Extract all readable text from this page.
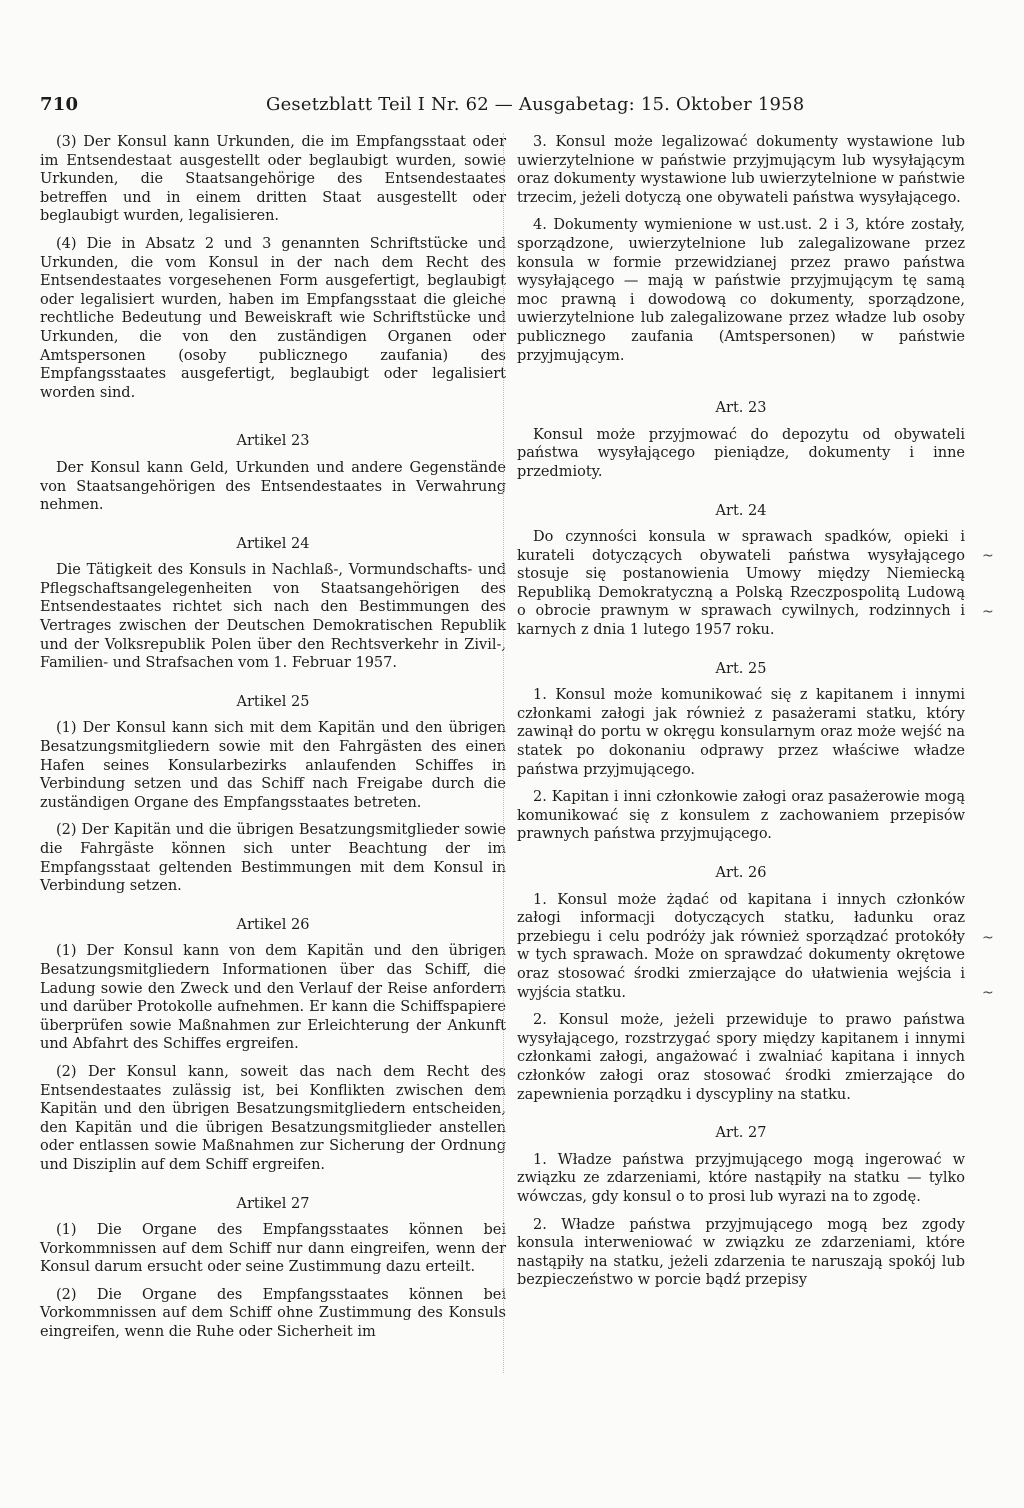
710	Gesetzblatt Teil I Nr. 62 — Ausgabetag: 15. Oktober 1958

(3) Der Konsul kann Urkunden, die im Empfangsstaat oder im Entsendestaat ausgestellt oder beglaubigt wurden, sowie Urkunden, die Staatsangehörige des Entsendestaates betreffen und in einem dritten Staat ausgestellt oder beglaubigt wurden, legalisieren.

(4) Die in Absatz 2 und 3 genannten Schriftstücke und Urkunden, die vom Konsul in der nach dem Recht des Entsendestaates vorgesehenen Form ausgefertigt, beglaubigt oder legalisiert wurden, haben im Empfangsstaat die gleiche rechtliche Bedeutung und Beweiskraft wie Schriftstücke und Urkunden, die von den zuständigen Organen oder Amtspersonen (osoby publicznego zaufania) des Empfangsstaates ausgefertigt, beglaubigt oder legalisiert worden sind.

Artikel 23

Der Konsul kann Geld, Urkunden und andere Gegenstände von Staatsangehörigen des Entsendestaates in Verwahrung nehmen.

Artikel 24

Die Tätigkeit des Konsuls in Nachlaß-, Vormundschafts- und Pflegschaftsangelegenheiten von Staatsangehörigen des Entsendestaates richtet sich nach den Bestimmungen des Vertrages zwischen der Deutschen Demokratischen Republik und der Volksrepublik Polen über den Rechtsverkehr in Zivil-, Familien- und Strafsachen vom 1. Februar 1957.

Artikel 25

(1) Der Konsul kann sich mit dem Kapitän und den übrigen Besatzungsmitgliedern sowie mit den Fahrgästen des einen Hafen seines Konsularbezirks anlaufenden Schiffes in Verbindung setzen und das Schiff nach Freigabe durch die zuständigen Organe des Empfangsstaates betreten.

(2) Der Kapitän und die übrigen Besatzungsmitglieder sowie die Fahrgäste können sich unter Beachtung der im Empfangsstaat geltenden Bestimmungen mit dem Konsul in Verbindung setzen.

Artikel 26

(1) Der Konsul kann von dem Kapitän und den übrigen Besatzungsmitgliedern Informationen über das Schiff, die Ladung sowie den Zweck und den Verlauf der Reise anfordern und darüber Protokolle aufnehmen. Er kann die Schiffspapiere überprüfen sowie Maßnahmen zur Erleichterung der Ankunft und Abfahrt des Schiffes ergreifen.

(2) Der Konsul kann, soweit das nach dem Recht des Entsendestaates zulässig ist, bei Konflikten zwischen dem Kapitän und den übrigen Besatzungsmitgliedern entscheiden, den Kapitän und die übrigen Besatzungsmitglieder anstellen oder entlassen sowie Maßnahmen zur Sicherung der Ordnung und Disziplin auf dem Schiff ergreifen.

Artikel 27

(1) Die Organe des Empfangsstaates können bei Vorkommnissen auf dem Schiff nur dann eingreifen, wenn der Konsul darum ersucht oder seine Zustimmung dazu erteilt.

(2) Die Organe des Empfangsstaates können bei Vorkommnissen auf dem Schiff ohne Zustimmung des Konsuls eingreifen, wenn die Ruhe oder Sicherheit im

3. Konsul może legalizować dokumenty wystawione lub uwierzytelnione w państwie przyjmującym lub wysyłającym oraz dokumenty wystawione lub uwierzytelnione w państwie trzecim, jeżeli dotyczą one obywateli państwa wysyłającego.

4. Dokumenty wymienione w ust.ust. 2 i 3, które zostały, sporządzone, uwierzytelnione lub zalegalizowane przez konsula w formie przewidzianej przez prawo państwa wysyłającego — mają w państwie przyjmującym tę samą moc prawną i dowodową co dokumenty, sporządzone, uwierzytelnione lub zalegalizowane przez władze lub osoby publicznego zaufania (Amtspersonen) w państwie przyjmującym.

Art. 23

Konsul może przyjmować do depozytu od obywateli państwa wysyłającego pieniądze, dokumenty i inne przedmioty.

Art. 24

Do czynności konsula w sprawach spadków, opieki i kurateli dotyczących obywateli państwa wysyłającego stosuje się postanowienia Umowy między Niemiecką Republiką Demokratyczną a Polską Rzeczpospolitą Ludową o obrocie prawnym w sprawach cywilnych, rodzinnych i karnych z dnia 1 lutego 1957 roku.

Art. 25

1. Konsul może komunikować się z kapitanem i innymi członkami załogi jak również z pasażerami statku, który zawinął do portu w okręgu konsularnym oraz może wejść na statek po dokonaniu odprawy przez właściwe władze państwa przyjmującego.

2. Kapitan i inni członkowie załogi oraz pasażerowie mogą komunikować się z konsulem z zachowaniem przepisów prawnych państwa przyjmującego.

Art. 26

1. Konsul może żądać od kapitana i innych członków załogi informacji dotyczących statku, ładunku oraz przebiegu i celu podróży jak również sporządzać protokóły w tych sprawach. Może on sprawdzać dokumenty okrętowe oraz stosować środki zmierzające do ułatwienia wejścia i wyjścia statku.

2. Konsul może, jeżeli przewiduje to prawo państwa wysyłającego, rozstrzygać spory między kapitanem i innymi członkami załogi, angażować i zwalniać kapitana i innych członków załogi oraz stosować środki zmierzające do zapewnienia porządku i dyscypliny na statku.

Art. 27

1. Władze państwa przyjmującego mogą ingerować w związku ze zdarzeniami, które nastąpiły na statku — tylko wówczas, gdy konsul o to prosi lub wyrazi na to zgodę.

2. Władze państwa przyjmującego mogą bez zgody konsula interweniować w związku ze zdarzeniami, które nastąpiły na statku, jeżeli zdarzenia te naruszają spokój lub bezpieczeństwo w porcie bądź przepisy

~
~
~
~
